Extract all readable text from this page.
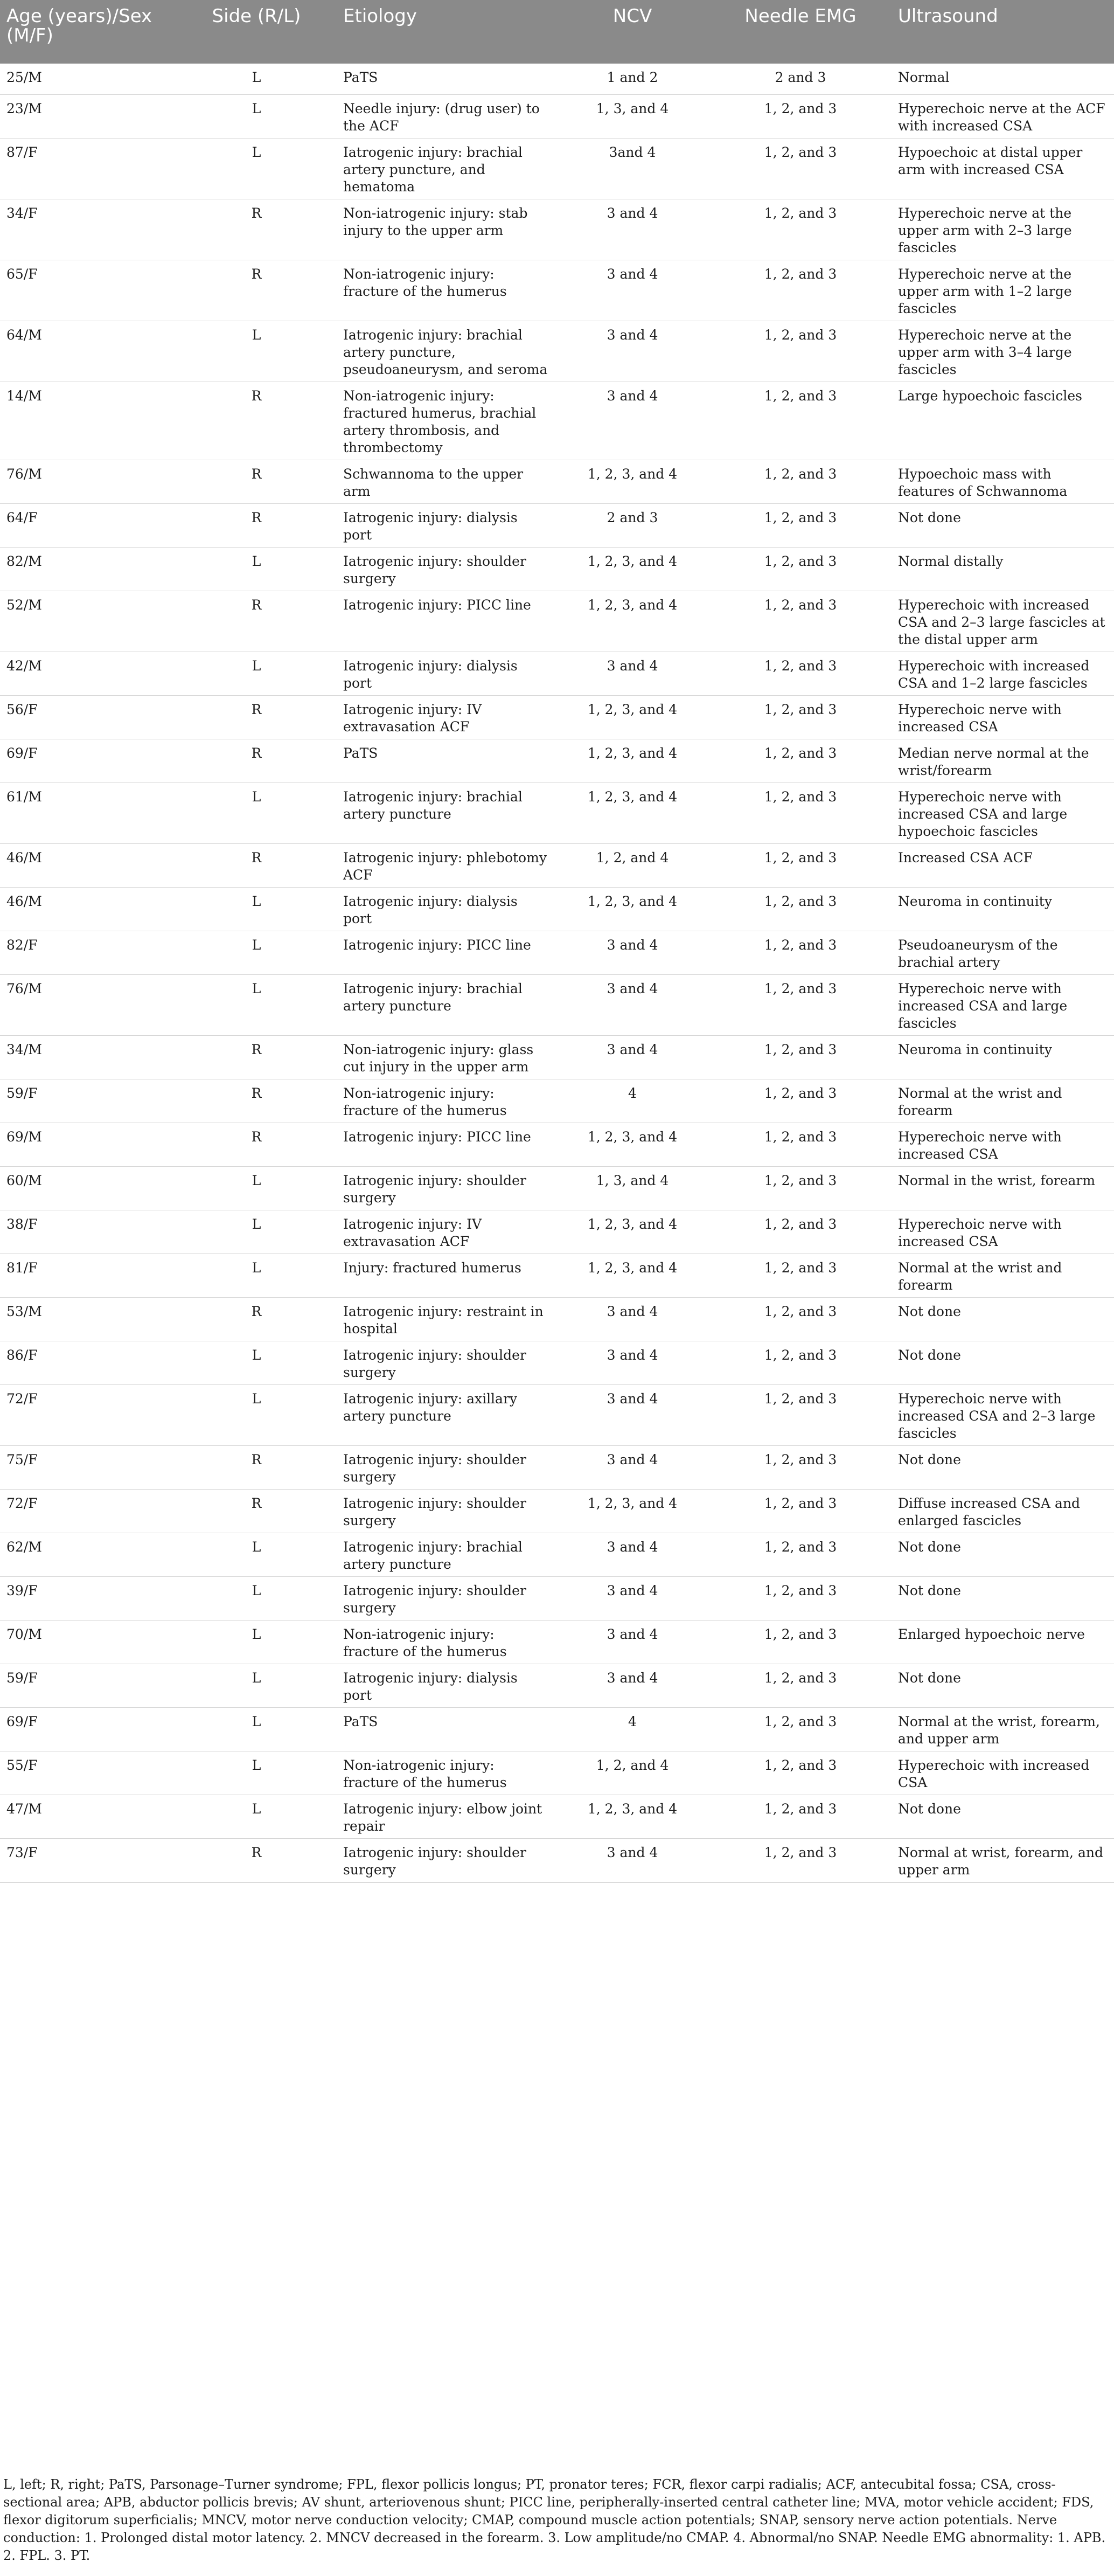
Age (years)/Sex (M/F)	Side (R/L)	Etiology	NCV	Needle EMG	Ultrasound
25/M	L	PaTS	1 and 2	2 and 3	Normal
23/M	L	Needle injury: (drug user) to the ACF	1, 3, and 4	1, 2, and 3	Hyperechoic nerve at the ACF with increased CSA
87/F	L	Iatrogenic injury: brachial artery puncture, and hematoma	3and 4	1, 2, and 3	Hypoechoic at distal upper arm with increased CSA
34/F	R	Non-iatrogenic injury: stab injury to the upper arm	3 and 4	1, 2, and 3	Hyperechoic nerve at the upper arm with 2–3 large fascicles
65/F	R	Non-iatrogenic injury: fracture of the humerus	3 and 4	1, 2, and 3	Hyperechoic nerve at the upper arm with 1–2 large fascicles
64/M	L	Iatrogenic injury: brachial artery puncture, pseudoaneurysm, and seroma	3 and 4	1, 2, and 3	Hyperechoic nerve at the upper arm with 3–4 large fascicles
14/M	R	Non-iatrogenic injury: fractured humerus, brachial artery thrombosis, and thrombectomy	3 and 4	1, 2, and 3	Large hypoechoic fascicles
76/M	R	Schwannoma to the upper arm	1, 2, 3, and 4	1, 2, and 3	Hypoechoic mass with features of Schwannoma
64/F	R	Iatrogenic injury: dialysis port	2 and 3	1, 2, and 3	Not done
82/M	L	Iatrogenic injury: shoulder surgery	1, 2, 3, and 4	1, 2, and 3	Normal distally
52/M	R	Iatrogenic injury: PICC line	1, 2, 3, and 4	1, 2, and 3	Hyperechoic with increased CSA and 2–3 large fascicles at the distal upper arm
42/M	L	Iatrogenic injury: dialysis port	3 and 4	1, 2, and 3	Hyperechoic with increased CSA and 1–2 large fascicles
56/F	R	Iatrogenic injury: IV extravasation ACF	1, 2, 3, and 4	1, 2, and 3	Hyperechoic nerve with increased CSA
69/F	R	PaTS	1, 2, 3, and 4	1, 2, and 3	Median nerve normal at the wrist/forearm
61/M	L	Iatrogenic injury: brachial artery puncture	1, 2, 3, and 4	1, 2, and 3	Hyperechoic nerve with increased CSA and large hypoechoic fascicles
46/M	R	Iatrogenic injury: phlebotomy ACF	1, 2, and 4	1, 2, and 3	Increased CSA ACF
46/M	L	Iatrogenic injury: dialysis port	1, 2, 3, and 4	1, 2, and 3	Neuroma in continuity
82/F	L	Iatrogenic injury: PICC line	3 and 4	1, 2, and 3	Pseudoaneurysm of the brachial artery
76/M	L	Iatrogenic injury: brachial artery puncture	3 and 4	1, 2, and 3	Hyperechoic nerve with increased CSA and large fascicles
34/M	R	Non-iatrogenic injury: glass cut injury in the upper arm	3 and 4	1, 2, and 3	Neuroma in continuity
59/F	R	Non-iatrogenic injury: fracture of the humerus	4	1, 2, and 3	Normal at the wrist and forearm
69/M	R	Iatrogenic injury: PICC line	1, 2, 3, and 4	1, 2, and 3	Hyperechoic nerve with increased CSA
60/M	L	Iatrogenic injury: shoulder surgery	1, 3, and 4	1, 2, and 3	Normal in the wrist, forearm
38/F	L	Iatrogenic injury: IV extravasation ACF	1, 2, 3, and 4	1, 2, and 3	Hyperechoic nerve with increased CSA
81/F	L	Injury: fractured humerus	1, 2, 3, and 4	1, 2, and 3	Normal at the wrist and forearm
53/M	R	Iatrogenic injury: restraint in hospital	3 and 4	1, 2, and 3	Not done
86/F	L	Iatrogenic injury: shoulder surgery	3 and 4	1, 2, and 3	Not done
72/F	L	Iatrogenic injury: axillary artery puncture	3 and 4	1, 2, and 3	Hyperechoic nerve with increased CSA and 2–3 large fascicles
75/F	R	Iatrogenic injury: shoulder surgery	3 and 4	1, 2, and 3	Not done
72/F	R	Iatrogenic injury: shoulder surgery	1, 2, 3, and 4	1, 2, and 3	Diffuse increased CSA and enlarged fascicles
62/M	L	Iatrogenic injury: brachial artery puncture	3 and 4	1, 2, and 3	Not done
39/F	L	Iatrogenic injury: shoulder surgery	3 and 4	1, 2, and 3	Not done
70/M	L	Non-iatrogenic injury: fracture of the humerus	3 and 4	1, 2, and 3	Enlarged hypoechoic nerve
59/F	L	Iatrogenic injury: dialysis port	3 and 4	1, 2, and 3	Not done
69/F	L	PaTS	4	1, 2, and 3	Normal at the wrist, forearm, and upper arm
55/F	L	Non-iatrogenic injury: fracture of the humerus	1, 2, and 4	1, 2, and 3	Hyperechoic with increased CSA
47/M	L	Iatrogenic injury: elbow joint repair	1, 2, 3, and 4	1, 2, and 3	Not done
73/F	R	Iatrogenic injury: shoulder surgery	3 and 4	1, 2, and 3	Normal at wrist, forearm, and upper arm
L, left; R, right; PaTS, Parsonage–Turner syndrome; FPL, flexor pollicis longus; PT, pronator teres; FCR, flexor carpi radialis; ACF, antecubital fossa; CSA, cross-sectional area; APB, abductor pollicis brevis; AV shunt, arteriovenous shunt; PICC line, peripherally-inserted central catheter line; MVA, motor vehicle accident; FDS, flexor digitorum superficialis; MNCV, motor nerve conduction velocity; CMAP, compound muscle action potentials; SNAP, sensory nerve action potentials. Nerve conduction: 1. Prolonged distal motor latency. 2. MNCV decreased in the forearm. 3. Low amplitude/no CMAP. 4. Abnormal/no SNAP. Needle EMG abnormality: 1. APB. 2. FPL. 3. PT.
